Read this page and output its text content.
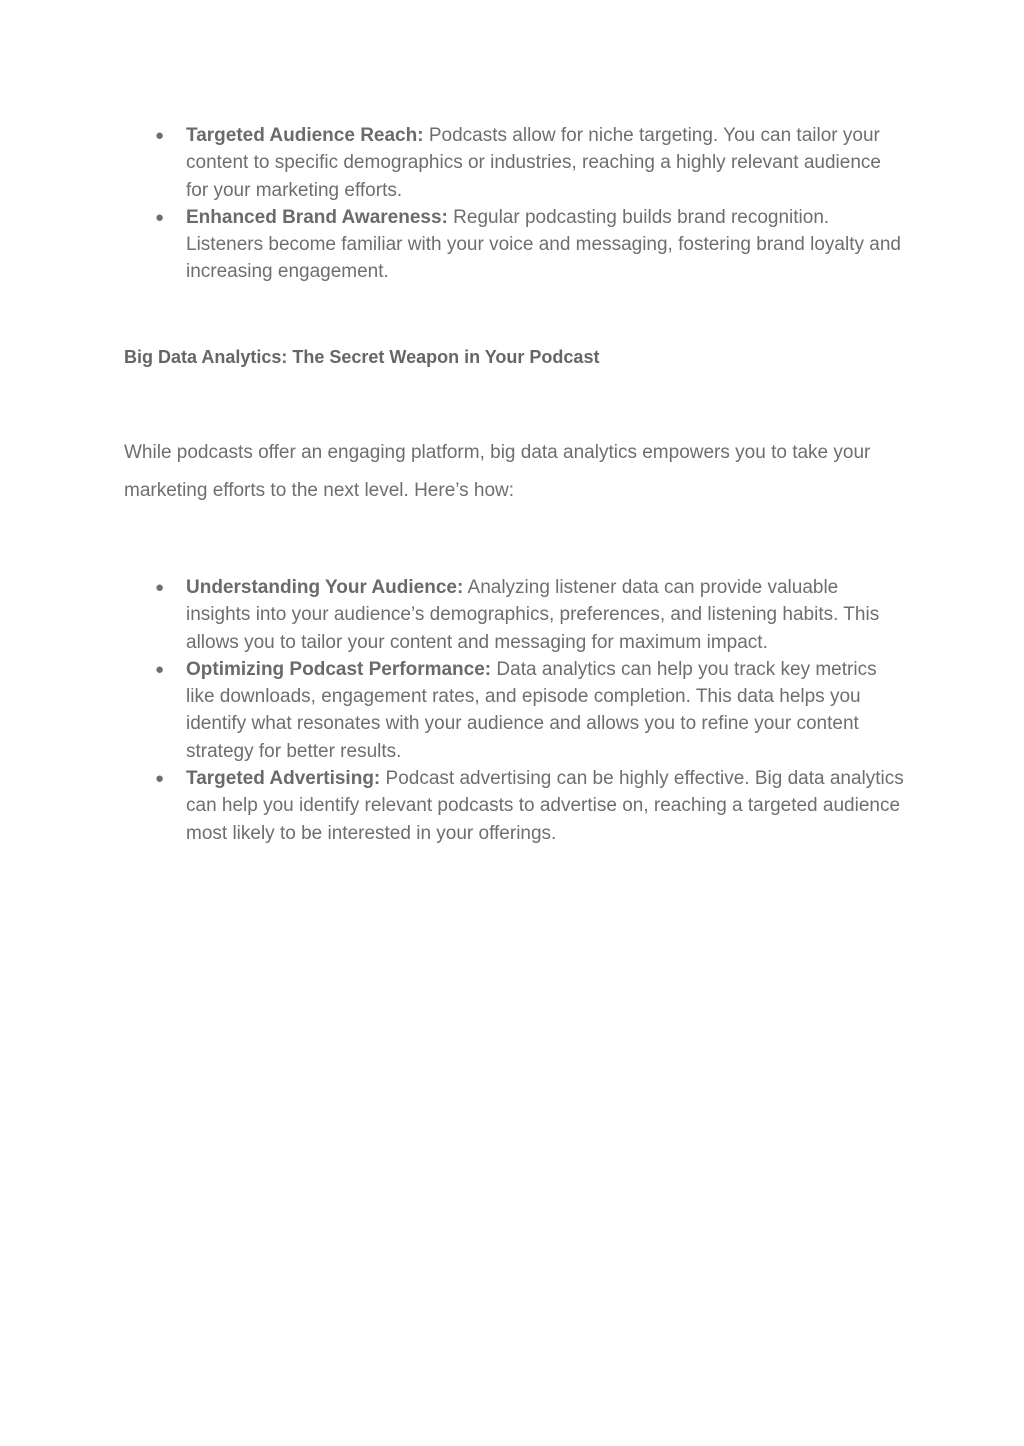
● Targeted Audience Reach: Podcasts allow for niche targeting. You can tailor your content to specific demographics or industries, reaching a highly relevant audience for your marketing efforts.
● Enhanced Brand Awareness: Regular podcasting builds brand recognition. Listeners become familiar with your voice and messaging, fostering brand loyalty and increasing engagement.
Big Data Analytics: The Secret Weapon in Your Podcast

While podcasts offer an engaging platform, big data analytics empowers you to take your marketing efforts to the next level. Here’s how:

● Understanding Your Audience: Analyzing listener data can provide valuable insights into your audience’s demographics, preferences, and listening habits. This allows you to tailor your content and messaging for maximum impact.
● Optimizing Podcast Performance: Data analytics can help you track key metrics like downloads, engagement rates, and episode completion. This data helps you identify what resonates with your audience and allows you to refine your content strategy for better results.
● Targeted Advertising: Podcast advertising can be highly effective. Big data analytics can help you identify relevant podcasts to advertise on, reaching a targeted audience most likely to be interested in your offerings.
